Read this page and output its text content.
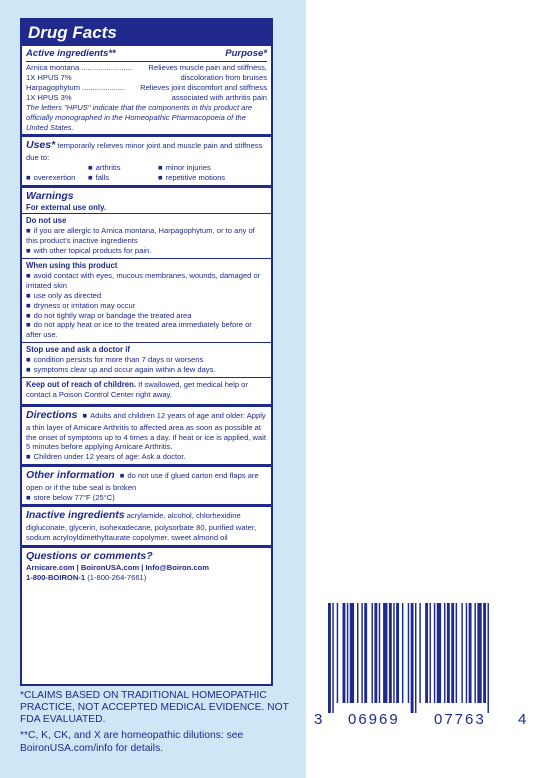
Drug Facts
Active ingredients**	Purpose*
Arnica montana ........................ Relieves muscle pain and stiffness,
1X HPUS 7%	discoloration from bruises
Harpagophytum .................... Relieves joint discomfort and stiffness
1X HPUS 3%	associated with arthritis pain
The letters "HPUS" indicate that the components in this product are officially monographed in the Homeopathic Pharmacopoeia of the United States.
Uses* temporarily relieves minor joint and muscle pain and stiffness due to:
■ arthritis	■ minor injuries
■ overexertion	■ falls	■ repetitive motions
Warnings
For external use only.
Do not use
■ if you are allergic to Arnica montana, Harpagophytum, or to any of this product's inactive ingredients
■ with other topical products for pain.
When using this product
■ avoid contact with eyes, mucous membranes, wounds, damaged or irritated skin
■ use only as directed
■ dryness or irritation may occur
■ do not tightly wrap or bandage the treated area
■ do not apply heat or ice to the treated area immediately before or after use.
Stop use and ask a doctor if
■ condition persists for more than 7 days or worsens
■ symptoms clear up and occur again within a few days.
Keep out of reach of children. If swallowed, get medical help or contact a Poison Control Center right away.
Directions ■ Adults and children 12 years of age and older: Apply a thin layer of Arnicare Arthritis to affected area as soon as possible at the onset of symptoms up to 4 times a day. If heat or ice is applied, wait 5 minutes before applying Arnicare Arthritis.
■ Children under 12 years of age: Ask a doctor.
Other information ■ do not use if glued carton end flaps are open or if the tube seal is broken
■ store below 77°F (25°C)
Inactive ingredients acrylamide, alcohol, chlorhexidine digluconate, glycerin, isohexadecane, polysorbate 80, purified water, sodium acryloyldimethyltaurate copolymer, sweet almond oil
Questions or comments?
Arnicare.com | BoironUSA.com | Info@Boiron.com
1-800-BOIRON-1 (1-800-264-7661)
*CLAIMS BASED ON TRADITIONAL HOMEOPATHIC PRACTICE, NOT ACCEPTED MEDICAL EVIDENCE. NOT FDA EVALUATED.
**C, K, CK, and X are homeopathic dilutions: see BoironUSA.com/info for details.
3 06969 07763 4
